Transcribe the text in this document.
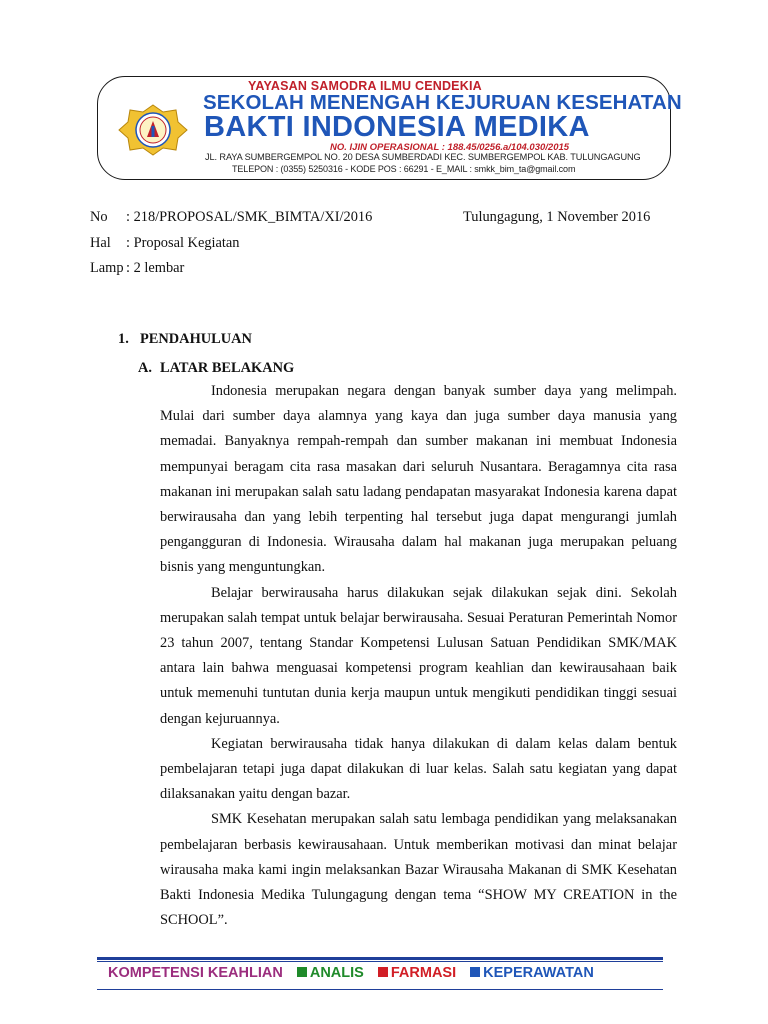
YAYASAN SAMODRA ILMU CENDEKIA
SEKOLAH MENENGAH KEJURUAN KESEHATAN
BAKTI INDONESIA MEDIKA
NO. IJIN OPERASIONAL : 188.45/0256.a/104.030/2015
JL. RAYA SUMBERGEMPOL NO. 20 DESA SUMBERDADI KEC. SUMBERGEMPOL KAB. TULUNGAGUNG
TELEPON : (0355) 5250316 - KODE POS : 66291 - E_MAIL : smkk_bim_ta@gmail.com
No : 218/PROPOSAL/SMK_BIMTA/XI/2016	Tulungagung, 1 November 2016
Hal : Proposal Kegiatan
Lamp : 2 lembar
1. PENDAHULUAN
A. LATAR BELAKANG

Indonesia merupakan negara dengan banyak sumber daya yang melimpah. Mulai dari sumber daya alamnya yang kaya dan juga sumber daya manusia yang memadai. Banyaknya rempah-rempah dan sumber makanan ini membuat Indonesia mempunyai beragam cita rasa masakan dari seluruh Nusantara. Beragamnya cita rasa makanan ini merupakan salah satu ladang pendapatan masyarakat Indonesia karena dapat berwirausaha dan yang lebih terpenting hal tersebut juga dapat mengurangi jumlah pengangguran di Indonesia. Wirausaha dalam hal makanan juga merupakan peluang bisnis yang menguntungkan.

Belajar berwirausaha harus dilakukan sejak dilakukan sejak dini. Sekolah merupakan salah tempat untuk belajar berwirausaha. Sesuai Peraturan Pemerintah Nomor 23 tahun 2007, tentang Standar Kompetensi Lulusan Satuan Pendidikan SMK/MAK antara lain bahwa menguasai kompetensi program keahlian dan kewirausahaan baik untuk memenuhi tuntutan dunia kerja maupun untuk mengikuti pendidikan tinggi sesuai dengan kejuruannya.

Kegiatan berwirausaha tidak hanya dilakukan di dalam kelas dalam bentuk pembelajaran tetapi juga dapat dilakukan di luar kelas. Salah satu kegiatan yang dapat dilaksanakan yaitu dengan bazar.

SMK Kesehatan merupakan salah satu lembaga pendidikan yang melaksanakan pembelajaran berbasis kewirausahaan. Untuk memberikan motivasi dan minat belajar wirausaha maka kami ingin melaksankan Bazar Wirausaha Makanan di SMK Kesehatan Bakti Indonesia Medika Tulungagung dengan tema “SHOW MY CREATION in the SCHOOL”.

KOMPETENSI KEAHLIAN ANALIS FARMASI KEPERAWATAN
